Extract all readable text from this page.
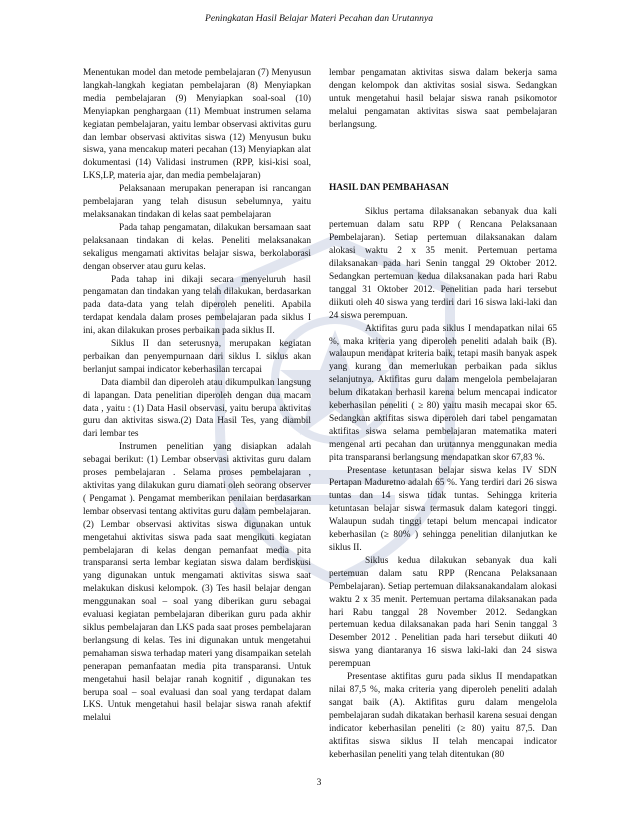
Peningkatan Hasil Belajar Materi Pecahan dan Urutannya

Menentukan model dan metode pembelajaran (7) Menyusun langkah-langkah kegiatan pembelajaran (8) Menyiapkan media pembelajaran (9) Menyiapkan soal-soal (10) Menyiapkan penghargaan (11) Membuat instrumen selama kegiatan pembelajaran, yaitu lembar observasi aktivitas guru dan lembar observasi aktivitas siswa (12) Menyusun buku siswa, yana mencakup materi pecahan (13) Menyiapkan alat dokumentasi (14) Validasi instrumen (RPP, kisi-kisi soal, LKS,LP, materia ajar, dan media pembelajaran)

Pelaksanaan merupakan penerapan isi rancangan pembelajaran yang telah disusun sebelumnya, yaitu melaksanakan tindakan di kelas saat pembelajaran

Pada tahap pengamatan, dilakukan bersamaan saat pelaksanaan tindakan di kelas. Peneliti melaksanakan sekaligus mengamati aktivitas belajar siswa, berkolaborasi dengan observer atau guru kelas.

Pada tahap ini dikaji secara menyeluruh hasil pengamatan dan tindakan yang telah dilakukan, berdasarkan pada data-data yang telah diperoleh peneliti. Apabila terdapat kendala dalam proses pembelajaran pada siklus I ini, akan dilakukan proses perbaikan pada siklus II.

Siklus II dan seterusnya, merupakan kegiatan perbaikan dan penyempurnaan dari siklus I. siklus akan berlanjut sampai indicator keberhasilan tercapai

Data diambil dan diperoleh atau dikumpulkan langsung di lapangan. Data penelitian diperoleh dengan dua macam data , yaitu : (1) Data Hasil observasi, yaitu berupa aktivitas guru dan aktivitas siswa.(2) Data Hasil Tes, yang diambil dari lembar tes

Instrumen penelitian yang disiapkan adalah sebagai berikut: (1) Lembar observasi aktivitas guru dalam proses pembelajaran . Selama proses pembelajaran , aktivitas yang dilakukan guru diamati oleh seorang observer ( Pengamat ). Pengamat memberikan penilaian berdasarkan lembar observasi tentang aktivitas guru dalam pembelajaran. (2) Lembar observasi aktivitas siswa digunakan untuk mengetahui aktivitas siswa pada saat mengikuti kegiatan pembelajaran di kelas dengan pemanfaat media pita transparansi serta lembar kegiatan siswa dalam berdiskusi yang digunakan untuk mengamati aktivitas siswa saat melakukan diskusi kelompok. (3) Tes hasil belajar dengan menggunakan soal – soal yang diberikan guru sebagai evaluasi kegiatan pembelajaran diberikan guru pada akhir siklus pembelajaran dan LKS pada saat proses pembelajaran berlangsung di kelas. Tes ini digunakan untuk mengetahui pemahaman siswa terhadap materi yang disampaikan setelah penerapan pemanfaatan media pita transparansi. Untuk mengetahui hasil belajar ranah kognitif , digunakan tes berupa soal – soal evaluasi dan soal yang terdapat dalam LKS. Untuk mengetahui hasil belajar siswa ranah afektif melalui

lembar pengamatan aktivitas siswa dalam bekerja sama dengan kelompok dan aktivitas sosial siswa. Sedangkan untuk mengetahui hasil belajar siswa ranah psikomotor melalui pengamatan aktivitas siswa saat pembelajaran berlangsung.

HASIL DAN PEMBAHASAN

Siklus pertama dilaksanakan sebanyak dua kali pertemuan dalam satu RPP ( Rencana Pelaksanaan Pembelajaran). Setiap pertemuan dilaksanakan dalam alokasi waktu 2 x 35 menit. Pertemuan pertama dilaksanakan pada hari Senin tanggal 29 Oktober 2012. Sedangkan pertemuan kedua dilaksanakan pada hari Rabu tanggal 31 Oktober 2012. Penelitian pada hari tersebut diikuti oleh 40 siswa yang terdiri dari 16 siswa laki-laki dan 24 siswa perempuan.

Aktifitas guru pada siklus I mendapatkan nilai 65 %, maka kriteria yang diperoleh peneliti adalah baik (B). walaupun mendapat kriteria baik, tetapi masih banyak aspek yang kurang dan memerlukan perbaikan pada siklus selanjutnya. Aktifitas guru dalam mengelola pembelajaran belum dikatakan berhasil karena belum mencapai indicator keberhasilan peneliti ( ≥ 80) yaitu masih mecapai skor 65. Sedangkan aktifitas siswa diperoleh dari tabel pengamatan aktifitas siswa selama pembelajaran matematika materi mengenal arti pecahan dan urutannya menggunakan media pita transparansi berlangsung mendapatkan skor 67,83 %.

Presentase ketuntasan belajar siswa kelas IV SDN Pertapan Maduretno adalah 65 %. Yang terdiri dari 26 siswa tuntas dan 14 siswa tidak tuntas. Sehingga kriteria ketuntasan belajar siswa termasuk dalam kategori tinggi. Walaupun sudah tinggi tetapi belum mencapai indicator keberhasilan (≥ 80% ) sehingga penelitian dilanjutkan ke siklus II.

Siklus kedua dilakukan sebanyak dua kali pertemuan dalam satu RPP (Rencana Pelaksanaan Pembelajaran). Setiap pertemuan dilaksanakandalam alokasi waktu 2 x 35 menit. Pertemuan pertama dilaksanakan pada hari Rabu tanggal 28 November 2012. Sedangkan pertemuan kedua dilaksanakan pada hari Senin tanggal 3 Desember 2012 . Penelitian pada hari tersebut diikuti 40 siswa yang diantaranya 16 siswa laki-laki dan 24 siswa perempuan

Presentase aktifitas guru pada siklus II mendapatkan nilai 87,5 %, maka criteria yang diperoleh peneliti adalah sangat baik (A). Aktifitas guru dalam mengelola pembelajaran sudah dikatakan berhasil karena sesuai dengan indicator keberhasilan peneliti (≥ 80) yaitu 87,5. Dan aktifitas siswa siklus II telah mencapai indicator keberhasilan peneliti yang telah ditentukan (80

3
